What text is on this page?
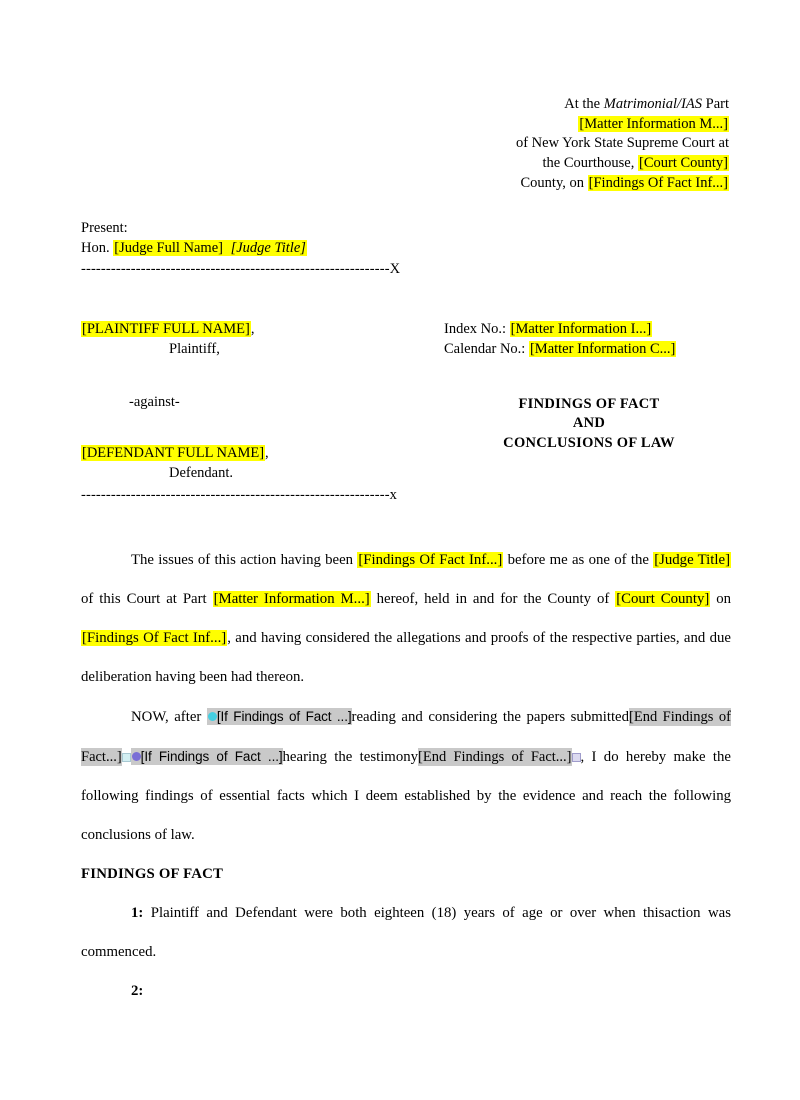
At the Matrimonial/IAS Part
[Matter Information M...]
of New York State Supreme Court at
the Courthouse, [Court County]
County, on [Findings Of Fact Inf...]
Present:
Hon. [Judge Full Name] [Judge Title]
--------------------------------------------------------------X
[PLAINTIFF FULL NAME],
Plaintiff,
-against-
[DEFENDANT FULL NAME],
Defendant.
Index No.: [Matter Information I...]
Calendar No.: [Matter Information C...]
FINDINGS OF FACT
AND
CONCLUSIONS OF LAW
--------------------------------------------------------------x

The issues of this action having been [Findings Of Fact Inf...] before me as one of the [Judge Title] of this Court at Part [Matter Information M...] hereof, held in and for the County of [Court County] on [Findings Of Fact Inf...], and having considered the allegations and proofs of the respective parties, and due deliberation having been had thereon.

NOW, after [If Findings of Fact ...]reading and considering the papers submitted[End Findings of Fact...] [If Findings of Fact ...]hearing the testimony[End Findings of Fact...] , I do hereby make the following findings of essential facts which I deem established by the evidence and reach the following conclusions of law.

FINDINGS OF FACT

1: Plaintiff and Defendant were both eighteen (18) years of age or over when thisaction was commenced.

2:
